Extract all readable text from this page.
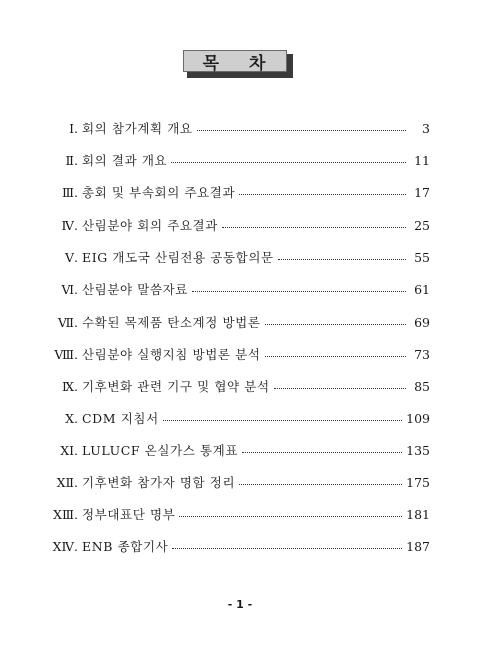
목 차
Ⅰ. 회의 참가계획 개요	3
Ⅱ. 회의 결과 개요	11
Ⅲ. 총회 및 부속회의 주요결과	17
Ⅳ. 산림분야 회의 주요결과	25
Ⅴ. EIG 개도국 산림전용 공동합의문	55
Ⅵ. 산림분야 말씀자료	61
Ⅶ. 수확된 목제품 탄소계정 방법론	69
Ⅷ. 산림분야 실행지침 방법론 분석	73
Ⅸ. 기후변화 관련 기구 및 협약 분석	85
Ⅹ. CDM 지침서	109
XI. LULUCF 온실가스 통계표	135
XⅡ. 기후변화 참가자 명함 정리	175
XⅢ. 정부대표단 명부	181
XⅣ. ENB 종합기사	187
- 1 -
